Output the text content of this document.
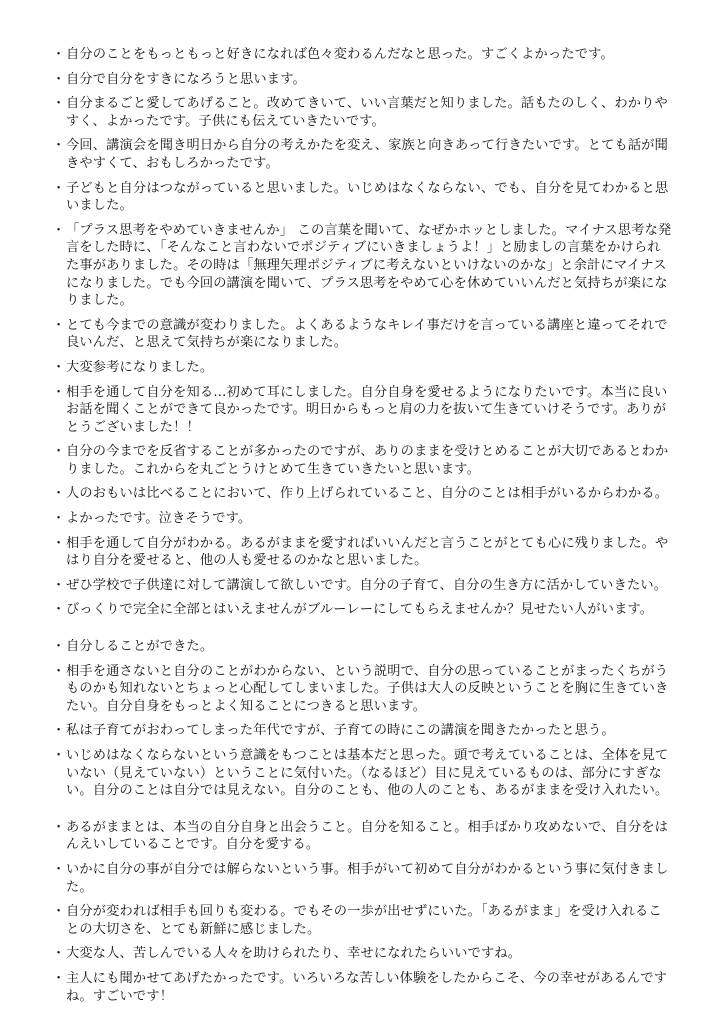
・ 自分のことをもっともっと好きになれば色々変わるんだなと思った。すごくよかったです。
・ 自分で自分をすきになろうと思います。
・ 自分まるごと愛してあげること。改めてきいて、いい言葉だと知りました。話もたのしく、わかりやすく、よかったです。子供にも伝えていきたいです。
・ 今回、講演会を聞き明日から自分の考えかたを変え、家族と向きあって行きたいです。とても話が聞きやすくて、おもしろかったです。
・ 子どもと自分はつながっていると思いました。いじめはなくならない、でも、自分を見てわかると思いました。
・ 「プラス思考をやめていきませんか」 この言葉を聞いて、なぜかホッとしました。マイナス思考な発言をした時に、「そんなこと言わないでポジティブにいきましょうよ！」と励ましの言葉をかけられた事がありました。その時は「無理矢理ポジティブに考えないといけないのかな」と余計にマイナスになりました。でも今回の講演を聞いて、プラス思考をやめて心を休めていいんだと気持ちが楽になりました。
・ とても今までの意識が変わりました。よくあるようなキレイ事だけを言っている講座と違ってそれで良いんだ、と思えて気持ちが楽になりました。
・ 大変参考になりました。
・ 相手を通して自分を知る…初めて耳にしました。自分自身を愛せるようになりたいです。本当に良いお話を聞くことができて良かったです。明日からもっと肩の力を抜いて生きていけそうです。ありがとうございました！！
・ 自分の今までを反省することが多かったのですが、ありのままを受けとめることが大切であるとわかりました。これからを丸ごとうけとめて生きていきたいと思います。
・ 人のおもいは比べることにおいて、作り上げられていること、自分のことは相手がいるからわかる。
・ よかったです。泣きそうです。
・ 相手を通して自分がわかる。あるがままを愛すればいいんだと言うことがとても心に残りました。やはり自分を愛せると、他の人も愛せるのかなと思いました。
・ ぜひ学校で子供達に対して講演して欲しいです。自分の子育て、自分の生き方に活かしていきたい。
・ びっくりで完全に全部とはいえませんがブルーレーにしてもらえませんか？見せたい人がいます。
・ 自分しることができた。
・ 相手を通さないと自分のことがわからない、という説明で、自分の思っていることがまったくちがうものかも知れないとちょっと心配してしまいました。子供は大人の反映ということを胸に生きていきたい。自分自身をもっとよく知ることにつきると思います。
・ 私は子育てがおわってしまった年代ですが、子育ての時にこの講演を聞きたかったと思う。
・ いじめはなくならないという意識をもつことは基本だと思った。頭で考えていることは、全体を見ていない（見えていない）ということに気付いた。（なるほど）目に見えているものは、部分にすぎない。自分のことは自分では見えない。自分のことも、他の人のことも、あるがままを受け入れたい。
・ あるがままとは、本当の自分自身と出会うこと。自分を知ること。相手ばかり攻めないで、自分をはんえいしていることです。自分を愛する。
・ いかに自分の事が自分では解らないという事。相手がいて初めて自分がわかるという事に気付きました。
・ 自分が変われば相手も回りも変わる。でもその一歩が出せずにいた。「あるがまま」を受け入れることの大切さを、とても新鮮に感じました。
・ 大変な人、苦しんでいる人々を助けられたり、幸せになれたらいいですね。
・ 主人にも聞かせてあげたかったです。いろいろな苦しい体験をしたからこそ、今の幸せがあるんですね。すごいです！
